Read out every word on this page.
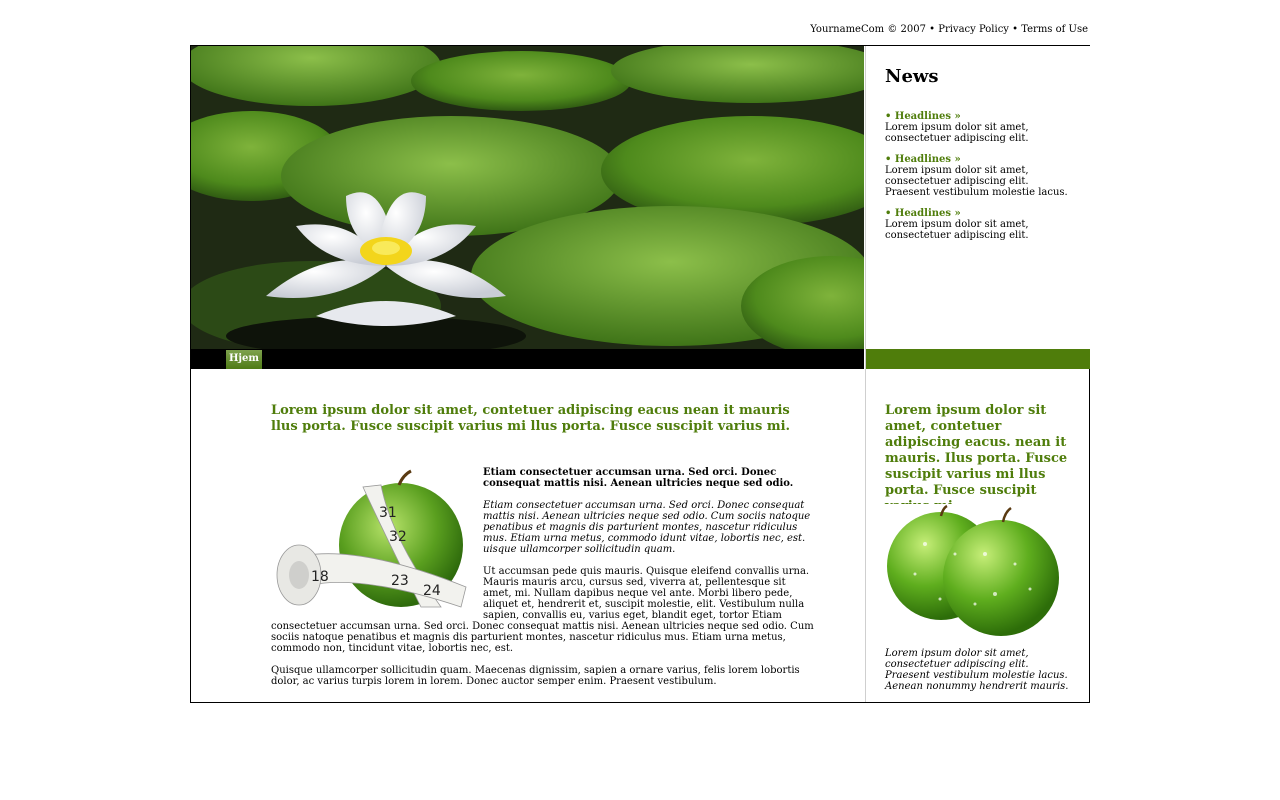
YournameCom © 2007 • Privacy Policy • Terms of Use
News
• Headlines »
Lorem ipsum dolor sit amet, consectetuer adipiscing elit.
• Headlines »
Lorem ipsum dolor sit amet, consectetuer adipiscing elit. Praesent vestibulum molestie lacus.
• Headlines »
Lorem ipsum dolor sit amet, consectetuer adipiscing elit.
Hjem
Lorem ipsum dolor sit amet, contetuer adipiscing eacus nean it mauris llus porta. Fusce suscipit varius mi llus porta. Fusce suscipit varius mi.
31
32
18	23
24

Etiam consectetuer accumsan urna. Sed orci. Donec consequat mattis nisi. Aenean ultricies neque sed odio.

Etiam consectetuer accumsan urna. Sed orci. Donec consequat mattis nisi. Aenean ultricies neque sed odio. Cum sociis natoque penatibus et magnis dis parturient montes, nascetur ridiculus mus. Etiam urna metus, commodo idunt vitae, lobortis nec, est. uisque ullamcorper sollicitudin quam.

Ut accumsan pede quis mauris. Quisque eleifend convallis urna. Mauris mauris arcu, cursus sed, viverra at, pellentesque sit amet, mi. Nullam dapibus neque vel ante. Morbi libero pede, aliquet et, hendrerit et, suscipit molestie, elit. Vestibulum nulla sapien, convallis eu, varius eget, blandit eget, tortor Etiam consectetuer accumsan urna. Sed orci. Donec consequat mattis nisi. Aenean ultricies neque sed odio. Cum sociis natoque penatibus et magnis dis parturient montes, nascetur ridiculus mus. Etiam urna metus, commodo non, tincidunt vitae, lobortis nec, est.

Quisque ullamcorper sollicitudin quam. Maecenas dignissim, sapien a ornare varius, felis lorem lobortis dolor, ac varius turpis lorem in lorem. Donec auctor semper enim. Praesent vestibulum.

Lorem ipsum dolor sit amet, contetuer adipiscing eacus. nean it mauris. Ilus porta. Fusce suscipit varius mi llus porta. Fusce suscipit
Lorem ipsum dolor sit amet, consectetuer adipiscing elit. Praesent vestibulum molestie lacus. Aenean nonummy hendrerit mauris.
